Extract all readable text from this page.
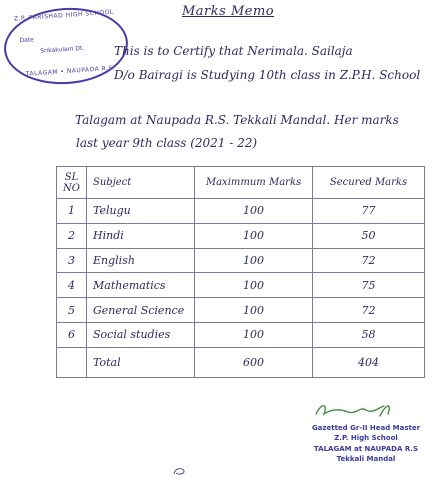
Marks Memo
Z.P. PARISHAD HIGH SCHOOL
Date
Srikakulam Dt.
TALAGAM • NAUPADA R.S.
This is to Certify that Nerimala. Sailaja
D/o Bairagi is Studying 10th class in Z.P.H. School
Talagam at Naupada R.S. Tekkali Mandal. Her marks
last year 9th class (2021 - 22)
SL NO	Subject	Maximmum Marks	Secured Marks
1	Telugu	100	77
2	Hindi	100	50
3	English	100	72
4	Mathematics	100	75
5	General Science	100	72
6	Social studies	100	58
	Total	600	404
Gazetted Gr-II Head Master
Z.P. High School
TALAGAM at NAUPADA R.S
Tekkali Mandal
